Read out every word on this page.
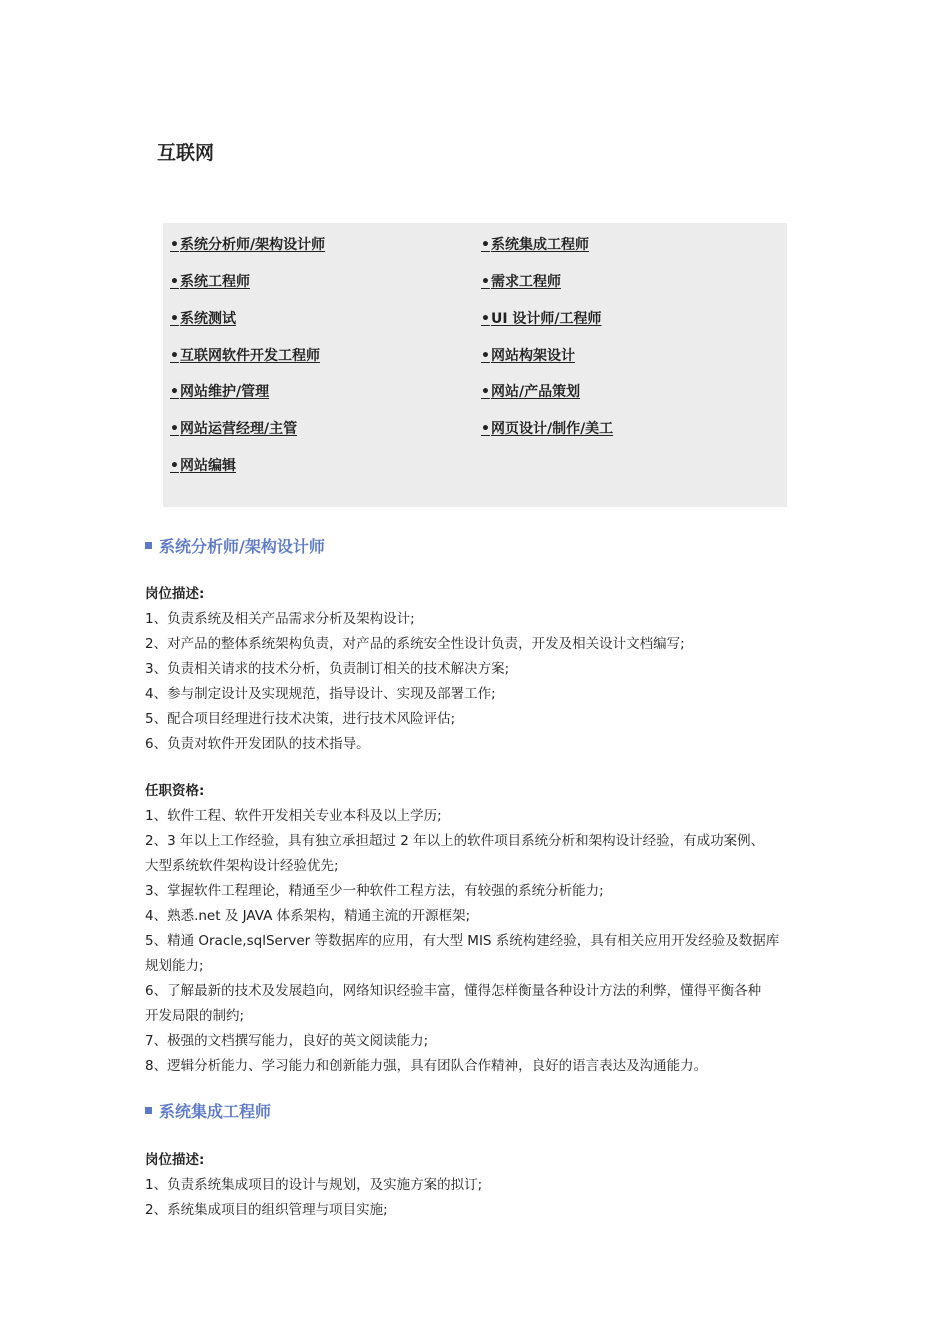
互联网
•系统分析师/架构设计师
•系统工程师
•系统测试
•互联网软件开发工程师
•网站维护/管理
•网站运营经理/主管
•网站编辑
•系统集成工程师
•需求工程师
•UI 设计师/工程师
•网站构架设计
•网站/产品策划
•网页设计/制作/美工
系统分析师/架构设计师
岗位描述:
1、负责系统及相关产品需求分析及架构设计;
2、对产品的整体系统架构负责，对产品的系统安全性设计负责，开发及相关设计文档编写;
3、负责相关请求的技术分析，负责制订相关的技术解决方案;
4、参与制定设计及实现规范，指导设计、实现及部署工作;
5、配合项目经理进行技术决策，进行技术风险评估;
6、负责对软件开发团队的技术指导。
任职资格:
1、软件工程、软件开发相关专业本科及以上学历;
2、3 年以上工作经验，具有独立承担超过 2 年以上的软件项目系统分析和架构设计经验，有成功案例、
大型系统软件架构设计经验优先;
3、掌握软件工程理论，精通至少一种软件工程方法，有较强的系统分析能力;
4、熟悉.net 及 JAVA 体系架构，精通主流的开源框架;
5、精通 Oracle,sqlServer 等数据库的应用，有大型 MIS 系统构建经验，具有相关应用开发经验及数据库
规划能力;
6、了解最新的技术及发展趋向，网络知识经验丰富，懂得怎样衡量各种设计方法的利弊，懂得平衡各种
开发局限的制约;
7、极强的文档撰写能力，良好的英文阅读能力;
8、逻辑分析能力、学习能力和创新能力强，具有团队合作精神，良好的语言表达及沟通能力。
系统集成工程师
岗位描述:
1、负责系统集成项目的设计与规划，及实施方案的拟订;
2、系统集成项目的组织管理与项目实施;
